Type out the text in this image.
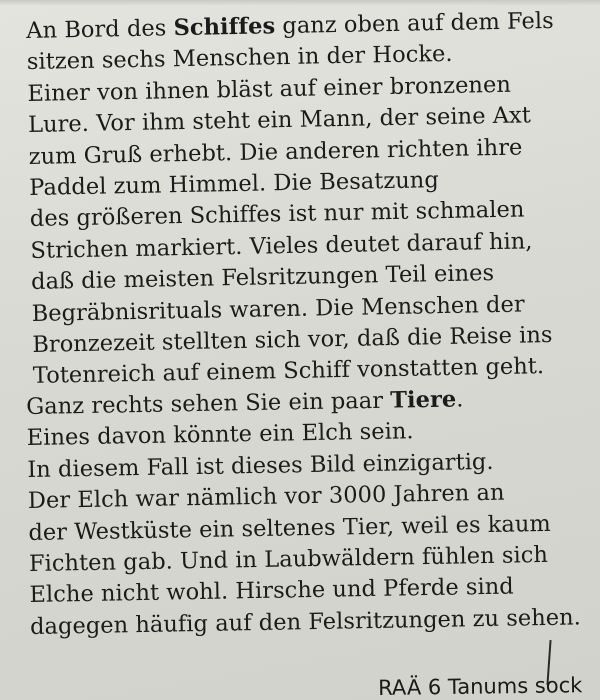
An Bord des Schiffes ganz oben auf dem Fels
sitzen sechs Menschen in der Hocke.
Einer von ihnen bläst auf einer bronzenen
Lure. Vor ihm steht ein Mann, der seine Axt
zum Gruß erhebt. Die anderen richten ihre
Paddel zum Himmel. Die Besatzung
des größeren Schiffes ist nur mit schmalen
Strichen markiert. Vieles deutet darauf hin,
daß die meisten Felsritzungen Teil eines
Begräbnisrituals waren. Die Menschen der
Bronzezeit stellten sich vor, daß die Reise ins
Totenreich auf einem Schiff vonstatten geht.
Ganz rechts sehen Sie ein paar Tiere.
Eines davon könnte ein Elch sein.
In diesem Fall ist dieses Bild einzigartig.
Der Elch war nämlich vor 3000 Jahren an
der Westküste ein seltenes Tier, weil es kaum
Fichten gab. Und in Laubwäldern fühlen sich
Elche nicht wohl. Hirsche und Pferde sind
dagegen häufig auf den Felsritzungen zu sehen.
RAÄ 6 Tanums sock
